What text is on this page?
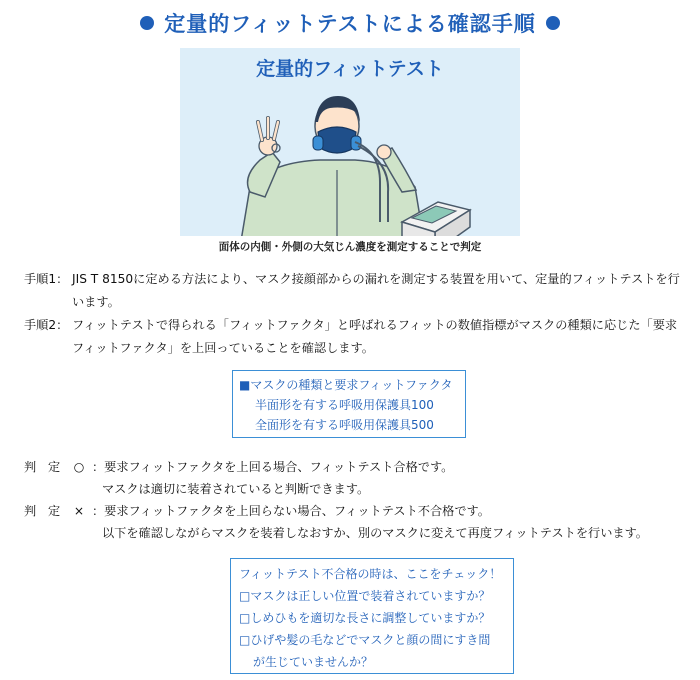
定量的フィットテストによる確認手順
定量的フィットテスト
面体の内側・外側の大気じん濃度を測定することで判定
手順1： JIS T 8150に定める方法により、マスク接顔部からの漏れを測定する装置を用いて、定量的フィットテストを行います。
手順2： フィットテストで得られる「フィットファクタ」と呼ばれるフィットの数値指標がマスクの種類に応じた「要求フィットファクタ」を上回っていることを確認します。
■マスクの種類と要求フィットファクタ
半面形を有する呼吸用保護具100
全面形を有する呼吸用保護具500
判 定 ○ ：要求フィットファクタを上回る場合、フィットテスト合格です。
マスクは適切に装着されていると判断できます。
判 定 × ：要求フィットファクタを上回らない場合、フィットテスト不合格です。
以下を確認しながらマスクを装着しなおすか、別のマスクに変えて再度フィットテストを行います。
フィットテスト不合格の時は、ここをチェック！
□マスクは正しい位置で装着されていますか？
□しめひもを適切な長さに調整していますか？
□ひげや髪の毛などでマスクと顔の間にすき間
が生じていませんか？
